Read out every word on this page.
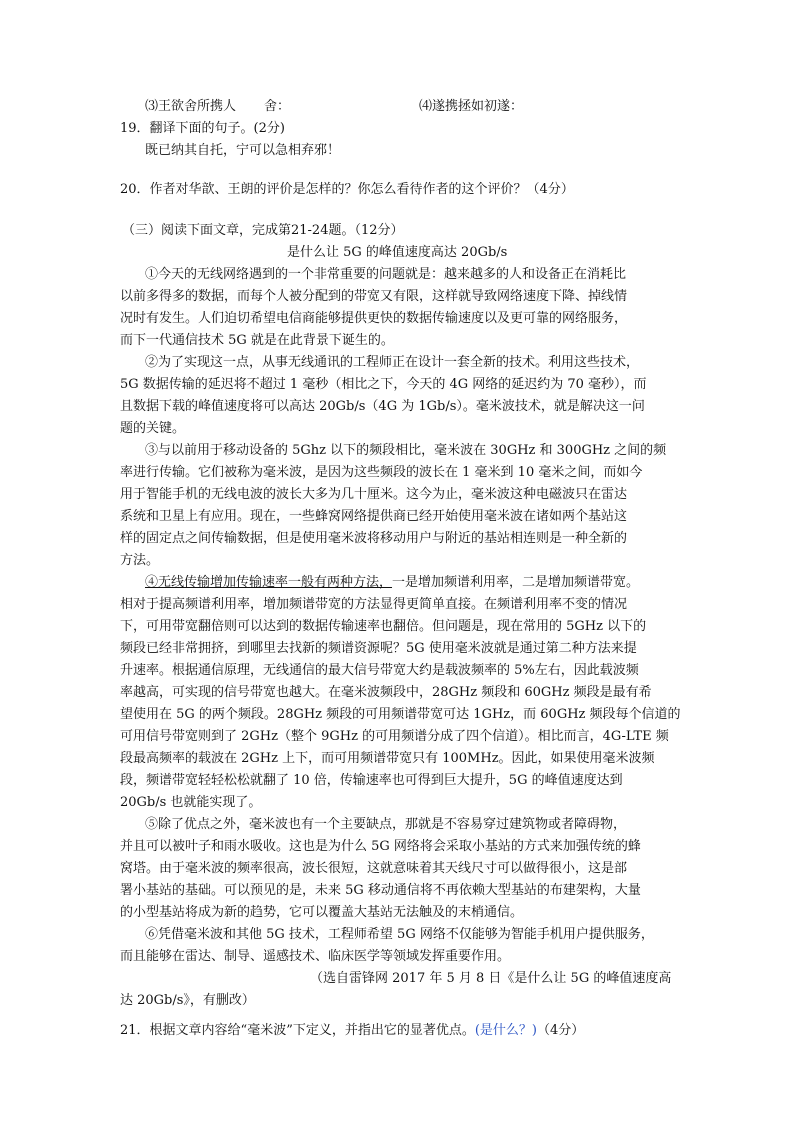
⑶王欲舍所携人 舍：	⑷遂携拯如初 遂：
19．翻译下面的句子。(2分)
既已纳其自托，宁可以急相弃邪！
20．作者对华歆、王朗的评价是怎样的？你怎么看待作者的这个评价？（4分）
（三）阅读下面文章，完成第21-24题。（12分）
是什么让 5G 的峰值速度高达 20Gb/s
①今天的无线网络遇到的一个非常重要的问题就是：越来越多的人和设备正在消耗比
以前多得多的数据，而每个人被分配到的带宽又有限，这样就导致网络速度下降、掉线情
况时有发生。人们迫切希望电信商能够提供更快的数据传输速度以及更可靠的网络服务，
而下一代通信技术 5G 就是在此背景下诞生的。
②为了实现这一点，从事无线通讯的工程师正在设计一套全新的技术。利用这些技术，
5G 数据传输的延迟将不超过 1 毫秒（相比之下，今天的 4G 网络的延迟约为 70 毫秒），而
且数据下载的峰值速度将可以高达 20Gb/s（4G 为 1Gb/s）。毫米波技术，就是解决这一问
题的关键。
③与以前用于移动设备的 5Ghz 以下的频段相比，毫米波在 30GHz 和 300GHz 之间的频
率进行传输。它们被称为毫米波，是因为这些频段的波长在 1 毫米到 10 毫米之间，而如今
用于智能手机的无线电波的波长大多为几十厘米。这今为止，毫米波这种电磁波只在雷达
系统和卫星上有应用。现在，一些蜂窝网络提供商已经开始使用毫米波在诸如两个基站这
样的固定点之间传输数据，但是使用毫米波将移动用户与附近的基站相连则是一种全新的
方法。
④无线传输增加传输速率一般有两种方法，一是增加频谱利用率，二是增加频谱带宽。
相对于提高频谱利用率，增加频谱带宽的方法显得更简单直接。在频谱利用率不变的情况
下，可用带宽翻倍则可以达到的数据传输速率也翻倍。但问题是，现在常用的 5GHz 以下的
频段已经非常拥挤，到哪里去找新的频谱资源呢？5G 使用毫米波就是通过第二种方法来提
升速率。根据通信原理，无线通信的最大信号带宽大约是载波频率的 5%左右，因此载波频
率越高，可实现的信号带宽也越大。在毫米波频段中，28GHz 频段和 60GHz 频段是最有希
望使用在 5G 的两个频段。28GHz 频段的可用频谱带宽可达 1GHz，而 60GHz 频段每个信道的
可用信号带宽则到了 2GHz（整个 9GHz 的可用频谱分成了四个信道）。相比而言，4G-LTE 频
段最高频率的载波在 2GHz 上下，而可用频谱带宽只有 100MHz。因此，如果使用毫米波频
段，频谱带宽轻轻松松就翻了 10 倍，传输速率也可得到巨大提升，5G 的峰值速度达到
20Gb/s 也就能实现了。
⑤除了优点之外，毫米波也有一个主要缺点，那就是不容易穿过建筑物或者障碍物，
并且可以被叶子和雨水吸收。这也是为什么 5G 网络将会采取小基站的方式来加强传统的蜂
窝塔。由于毫米波的频率很高，波长很短，这就意味着其天线尺寸可以做得很小，这是部
署小基站的基础。可以预见的是，未来 5G 移动通信将不再依赖大型基站的布建架构，大量
的小型基站将成为新的趋势，它可以覆盖大基站无法触及的末梢通信。
⑥凭借毫米波和其他 5G 技术，工程师希望 5G 网络不仅能够为智能手机用户提供服务，
而且能够在雷达、制导、遥感技术、临床医学等领域发挥重要作用。
（选自雷锋网 2017 年 5 月 8 日《是什么让 5G 的峰值速度高
达 20Gb/s》，有删改）
21．根据文章内容给“毫米波”下定义，并指出它的显著优点。(是什么？)（4分）
